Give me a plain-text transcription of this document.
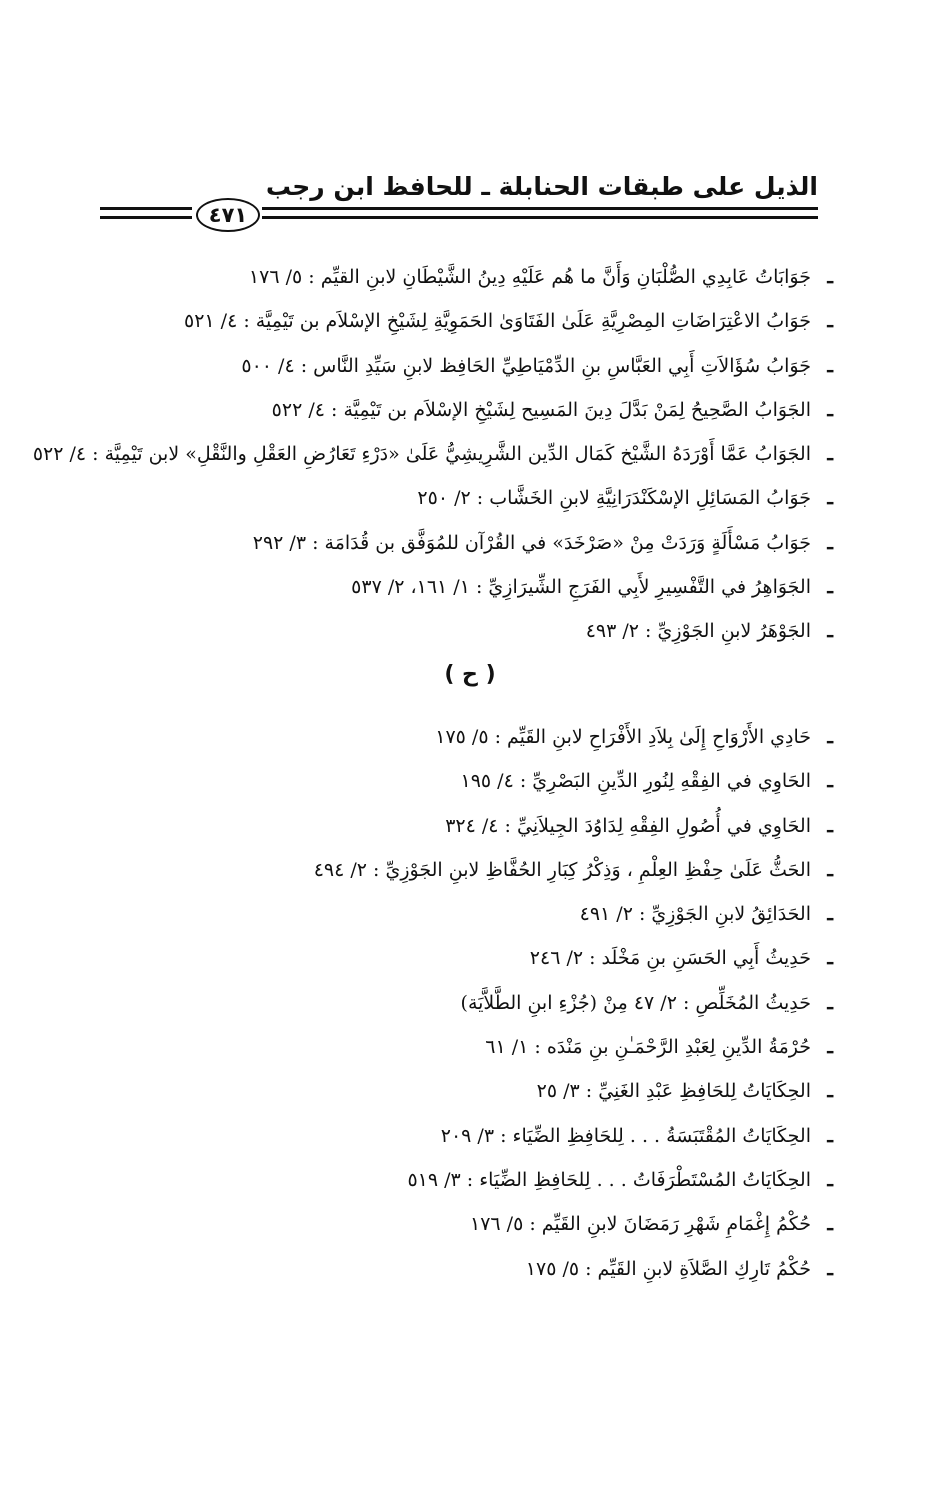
الذيل على طبقات الحنابلة ـ للحافظ ابن رجب
٤٧١
ـجَوَابَاتُ عَابِدِي الصُّلْبَانِ وَأَنَّ ما هُم عَلَيْهِ دِينُ الشَّيْطَانِ لابنِ القيِّم : ٥/ ١٧٦
ـجَوَابُ الاعْتِرَاضَاتِ المِصْرِيَّةِ عَلَىٰ الفَتَاوَىٰ الحَمَوِيَّةِ لِشَيْخِ الإسْلاَم بن تَيْمِيَّة : ٤/ ٥٢١
ـجَوَابُ سُؤَالاَتِ أَبِي العَبَّاسِ بنِ الدِّمْيَاطِيِّ الحَافِظ لابنِ سَيِّدِ النَّاس : ٤/ ٥٠٠
ـالجَوَابُ الصَّحِيحُ لِمَنْ بَدَّلَ دِينَ المَسِيح لِشَيْخِ الإسْلاَم بن تَيْمِيَّة : ٤/ ٥٢٢
ـالجَوَابُ عَمَّا أَوْرَدَهُ الشَّيْخ كَمَال الدِّين الشَّرِيشِيُّ عَلَىٰ «دَرْءِ تَعَارُضِ العَقْلِ والنَّقْلِ» لابن تَيْمِيَّة : ٤/ ٥٢٢
ـجَوَابُ المَسَائِلِ الإسْكَنْدَرَانِيَّةِ لابنِ الخَشَّاب : ٢/ ٢٥٠
ـجَوَابُ مَسْأَلَةٍ وَرَدَتْ مِنْ «صَرْخَدَ» في القُرْآن للمُوَفَّق بن قُدَامَة : ٣/ ٢٩٢
ـالجَوَاهِرُ في التَّفْسِيرِ لأَبِي الفَرَجِ الشِّيرَازِيِّ : ١/ ١٦١، ٢/ ٥٣٧
ـالجَوْهَرُ لابنِ الجَوْزِيِّ : ٢/ ٤٩٣
( ح )
ـحَادِي الأَرْوَاحِ إِلَىٰ بِلاَدِ الأَفْرَاحِ لابنِ القَيِّم : ٥/ ١٧٥
ـالحَاوِي في الفِقْهِ لِنُورِ الدِّينِ البَصْرِيِّ : ٤/ ١٩٥
ـالحَاوِي في أُصُولِ الفِقْهِ لِدَاوُدَ الجِيلاَنِيِّ : ٤/ ٣٢٤
ـالحَثُّ عَلَىٰ حِفْظِ العِلْمِ ، وَذِكْرُ كِبَارِ الحُفَّاظِ لابنِ الجَوْزِيِّ : ٢/ ٤٩٤
ـالحَدَائِقُ لابنِ الجَوْزِيِّ : ٢/ ٤٩١
ـحَدِيثُ أَبِي الحَسَنِ بنِ مَخْلَد : ٢/ ٢٤٦
ـحَدِيثُ المُخَلِّصِ : ٢/ ٤٧ مِنْ (جُزْءِ ابنِ الطَّلاَّيَة)
ـحُرْمَةُ الدِّينِ لِعَبْدِ الرَّحْمَـٰنِ بنِ مَنْدَه : ١/ ٦١
ـالحِكَايَاتُ لِلحَافِظِ عَبْدِ الغَنِيِّ : ٣/ ٢٥
ـالحِكَايَاتُ المُقْتَبَسَةُ . . . لِلحَافِظِ الضِّيَاء : ٣/ ٢٠٩
ـالحِكَايَاتُ المُسْتَطْرَفَاتُ . . . لِلحَافِظِ الضِّيَاء : ٣/ ٥١٩
ـحُكْمُ إِغْمَامِ شَهْرِ رَمَضَانَ لابنِ القَيِّم : ٥/ ١٧٦
ـحُكْمُ تَارِكِ الصَّلاَةِ لابنِ القَيِّم : ٥/ ١٧٥
